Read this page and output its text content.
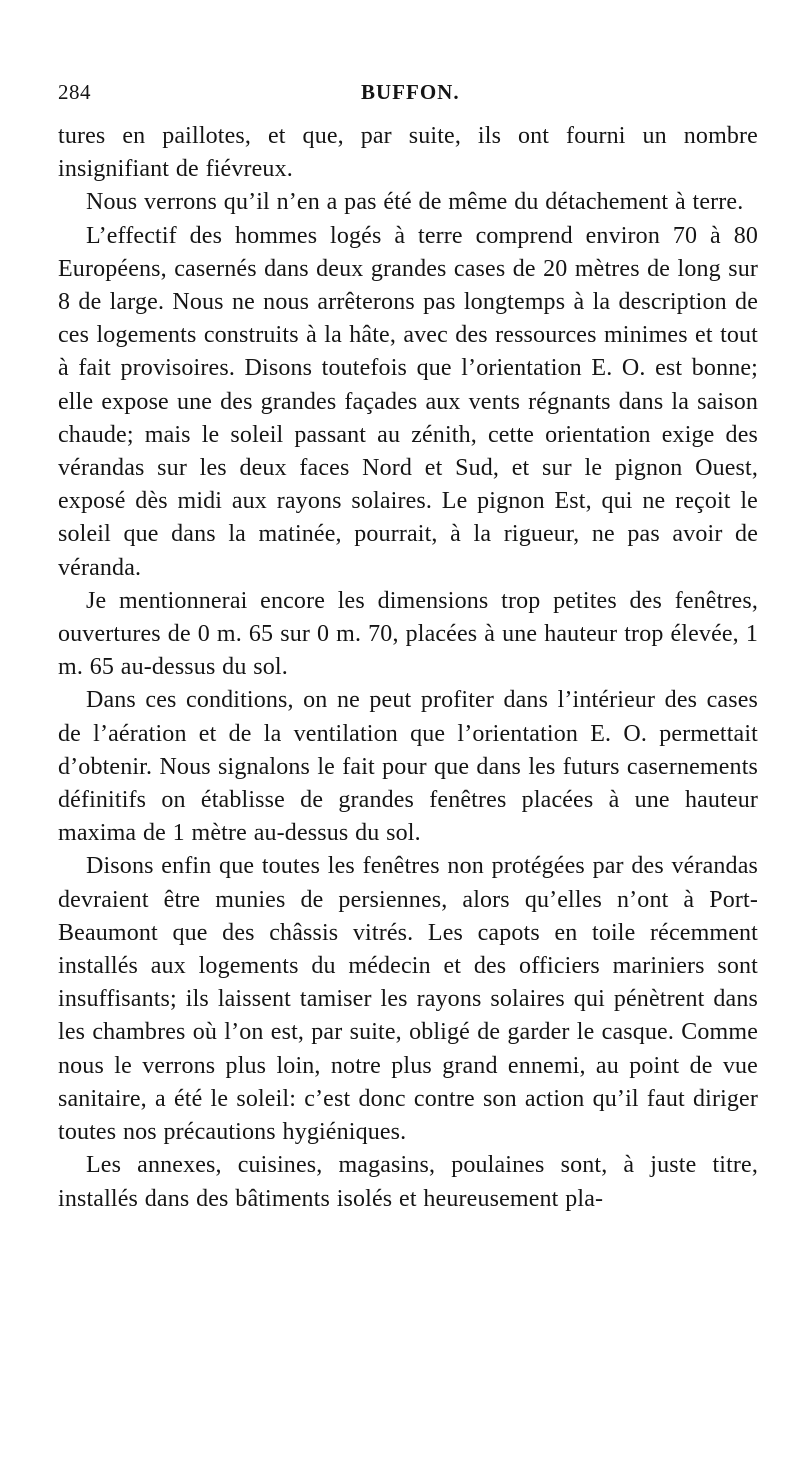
284	BUFFON.

tures en paillotes, et que, par suite, ils ont fourni un nombre insignifiant de fiévreux.

Nous verrons qu’il n’en a pas été de même du détachement à terre.

L’effectif des hommes logés à terre comprend environ 70 à 80 Européens, casernés dans deux grandes cases de 20 mètres de long sur 8 de large. Nous ne nous arrêterons pas longtemps à la description de ces logements construits à la hâte, avec des ressources minimes et tout à fait provisoires. Disons toutefois que l’orientation E. O. est bonne; elle expose une des grandes façades aux vents régnants dans la saison chaude; mais le soleil passant au zénith, cette orientation exige des vérandas sur les deux faces Nord et Sud, et sur le pignon Ouest, exposé dès midi aux rayons solaires. Le pignon Est, qui ne reçoit le soleil que dans la matinée, pourrait, à la rigueur, ne pas avoir de véranda.

Je mentionnerai encore les dimensions trop petites des fenêtres, ouvertures de 0 m. 65 sur 0 m. 70, placées à une hauteur trop élevée, 1 m. 65 au-dessus du sol.

Dans ces conditions, on ne peut profiter dans l’intérieur des cases de l’aération et de la ventilation que l’orientation E. O. permettait d’obtenir. Nous signalons le fait pour que dans les futurs casernements définitifs on établisse de grandes fenêtres placées à une hauteur maxima de 1 mètre au-dessus du sol.

Disons enfin que toutes les fenêtres non protégées par des vérandas devraient être munies de persiennes, alors qu’elles n’ont à Port-Beaumont que des châssis vitrés. Les capots en toile récemment installés aux logements du médecin et des officiers mariniers sont insuffisants; ils laissent tamiser les rayons solaires qui pénètrent dans les chambres où l’on est, par suite, obligé de garder le casque. Comme nous le verrons plus loin, notre plus grand ennemi, au point de vue sanitaire, a été le soleil: c’est donc contre son action qu’il faut diriger toutes nos précautions hygiéniques.

Les annexes, cuisines, magasins, poulaines sont, à juste titre, installés dans des bâtiments isolés et heureusement pla-
